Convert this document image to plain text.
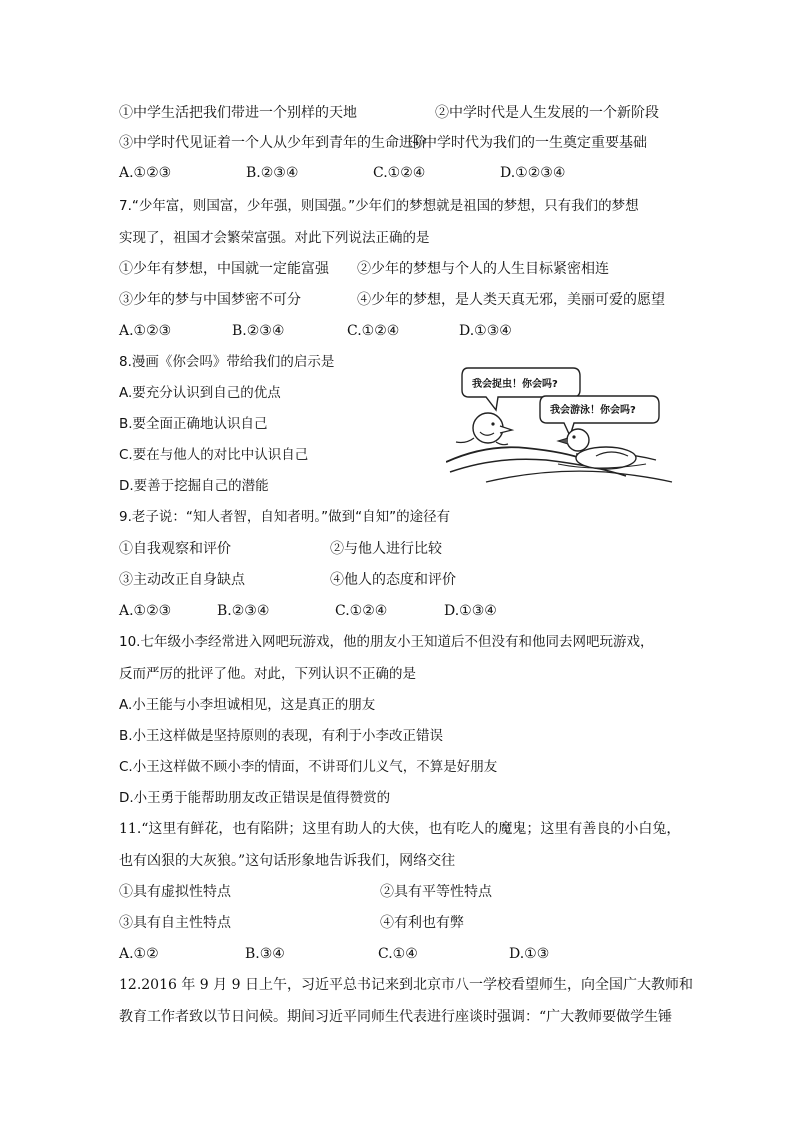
①中学生活把我们带进一个别样的天地	②中学时代是人生发展的一个新阶段
③中学时代见证着一个人从少年到青年的生命进阶
④中学时代为我们的一生奠定重要基础
A.①②③	B.②③④	C.①②④	D.①②③④
7.“少年富，则国富，少年强，则国强。”少年们的梦想就是祖国的梦想，只有我们的梦想
实现了，祖国才会繁荣富强。对此下列说法正确的是
①少年有梦想，中国就一定能富强 ②少年的梦想与个人的人生目标紧密相连
③少年的梦与中国梦密不可分	④少年的梦想，是人类天真无邪，美丽可爱的愿望
A.①②③	B.②③④	C.①②④	D.①③④
8.漫画《你会吗》带给我们的启示是
A.要充分认识到自己的优点
B.要全面正确地认识自己
C.要在与他人的对比中认识自己
D.要善于挖掘自己的潜能
我会捉虫！你会吗?
我会游泳！你会吗?
9.老子说：“知人者智，自知者明。”做到“自知”的途径有
①自我观察和评价	②与他人进行比较
③主动改正自身缺点	④他人的态度和评价
A.①②③	B.②③④	C.①②④	D.①③④
10.七年级小李经常进入网吧玩游戏，他的朋友小王知道后不但没有和他同去网吧玩游戏，
反而严厉的批评了他。对此，下列认识不正确的是
A.小王能与小李坦诚相见，这是真正的朋友
B.小王这样做是坚持原则的表现，有利于小李改正错误
C.小王这样做不顾小李的情面，不讲哥们儿义气，不算是好朋友
D.小王勇于能帮助朋友改正错误是值得赞赏的
11.“这里有鲜花，也有陷阱；这里有助人的大侠，也有吃人的魔鬼；这里有善良的小白兔，
也有凶狠的大灰狼。”这句话形象地告诉我们，网络交往
①具有虚拟性特点	②具有平等性特点
③具有自主性特点	④有利也有弊
A.①②	B.③④	C.①④	D.①③
12.2016 年 9 月 9 日上午，习近平总书记来到北京市八一学校看望师生，向全国广大教师和
教育工作者致以节日问候。期间习近平同师生代表进行座谈时强调：“广大教师要做学生锤
